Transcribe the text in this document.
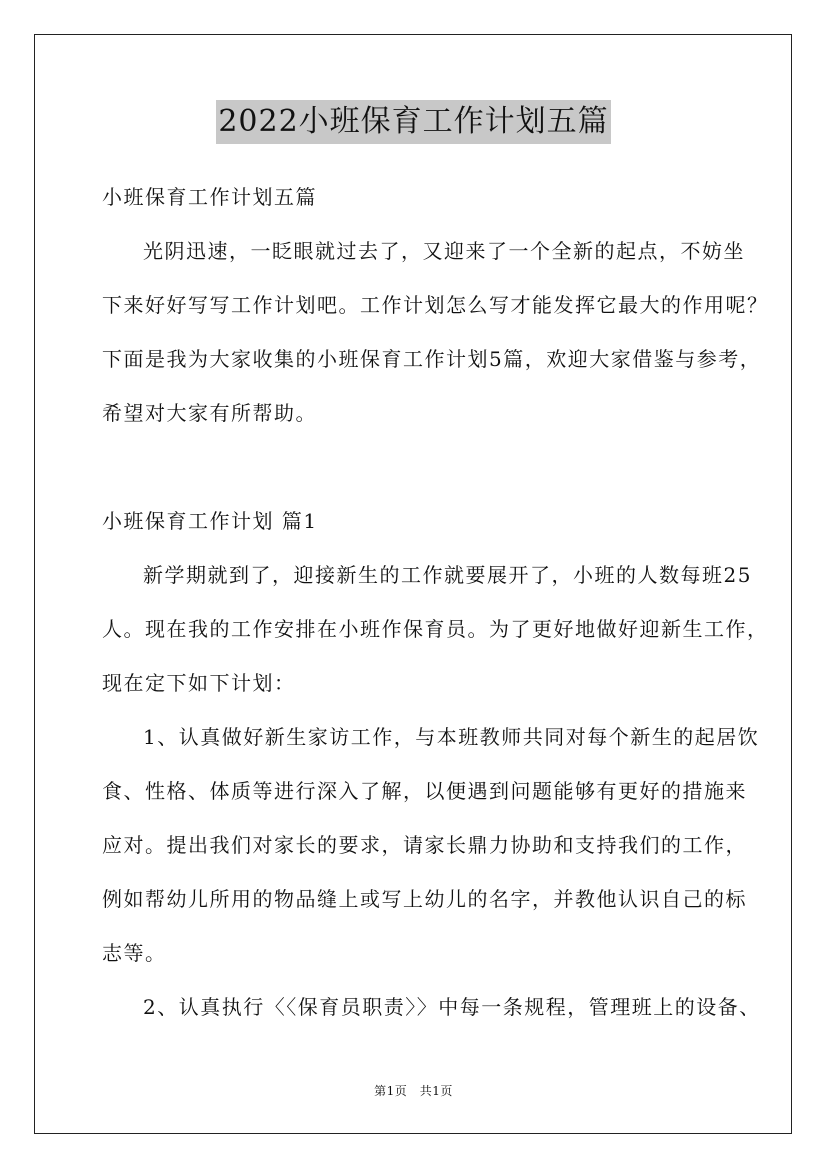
2022小班保育工作计划五篇
小班保育工作计划五篇
光阴迅速，一眨眼就过去了，又迎来了一个全新的起点，不妨坐
下来好好写写工作计划吧。工作计划怎么写才能发挥它最大的作用呢？
下面是我为大家收集的小班保育工作计划5篇，欢迎大家借鉴与参考，
希望对大家有所帮助。
小班保育工作计划 篇1
新学期就到了，迎接新生的工作就要展开了，小班的人数每班25
人。现在我的工作安排在小班作保育员。为了更好地做好迎新生工作，
现在定下如下计划：
1、认真做好新生家访工作，与本班教师共同对每个新生的起居饮
食、性格、体质等进行深入了解，以便遇到问题能够有更好的措施来
应对。提出我们对家长的要求，请家长鼎力协助和支持我们的工作，
例如帮幼儿所用的物品缝上或写上幼儿的名字，并教他认识自己的标
志等。
2、认真执行〈〈保育员职责〉〉中每一条规程，管理班上的设备、
第1页　共1页
